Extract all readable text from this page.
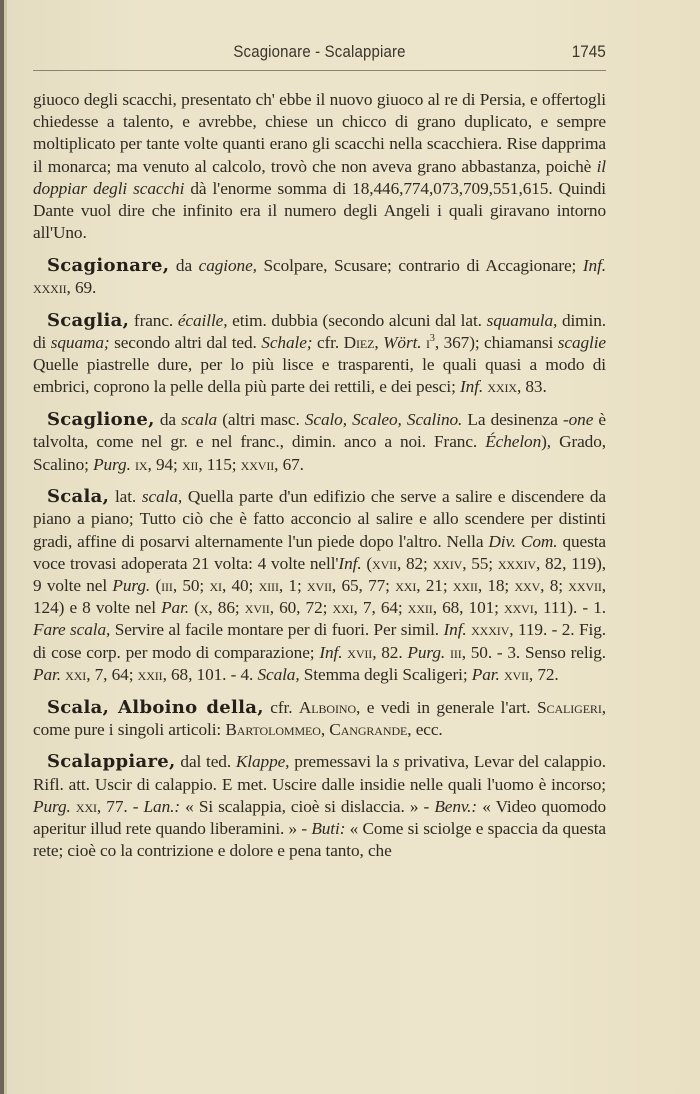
Scagionare - Scalappiare	1745

giuoco degli scacchi, presentato ch' ebbe il nuovo giuoco al re di Persia, e offertogli chiedesse a talento, e avrebbe, chiese un chicco di grano duplicato, e sempre moltiplicato per tante volte quanti erano gli scacchi nella scacchiera. Rise dapprima il monarca; ma venuto al calcolo, trovò che non aveva grano abbastanza, poichè il doppiar degli scacchi dà l'enorme somma di 18,446,774,073,709,551,615. Quindi Dante vuol dire che infinito era il numero degli Angeli i quali giravano intorno all'Uno.

Scagionare, da cagione, Scolpare, Scusare; contrario di Accagionare; Inf. xxxii, 69.

Scaglia, franc. écaille, etim. dubbia (secondo alcuni dal lat. squamula, dimin. di squama; secondo altri dal ted. Schale; cfr. Diez, Wört. $i^3$, 367); chiamansi scaglie Quelle piastrelle dure, per lo più lisce e trasparenti, le quali quasi a modo di embrici, coprono la pelle della più parte dei rettili, e dei pesci; Inf. xxix, 83.

Scaglione, da scala (altri masc. Scalo, Scaleo, Scalino. La desinenza -one è talvolta, come nel gr. e nel franc., dimin. anco a noi. Franc. Échelon), Grado, Scalino; Purg. ix, 94; xii, 115; xxvii, 67.

Scala, lat. scala, Quella parte d'un edifizio che serve a salire e discendere da piano a piano; Tutto ciò che è fatto acconcio al salire e allo scendere per distinti gradi, affine di posarvi alternamente l'un piede dopo l'altro. Nella Div. Com. questa voce trovasi adoperata 21 volta: 4 volte nell'Inf. (xvii, 82; xxiv, 55; xxxiv, 82, 119), 9 volte nel Purg. (iii, 50; xi, 40; xiii, 1; xvii, 65, 77; xxi, 21; xxii, 18; xxv, 8; xxvii, 124) e 8 volte nel Par. (x, 86; xvii, 60, 72; xxi, 7, 64; xxii, 68, 101; xxvi, 111). - 1. Fare scala, Servire al facile montare per di fuori. Per simil. Inf. xxxiv, 119. - 2. Fig. di cose corp. per modo di comparazione; Inf. xvii, 82. Purg. iii, 50. - 3. Senso relig. Par. xxi, 7, 64; xxii, 68, 101. - 4. Scala, Stemma degli Scaligeri; Par. xvii, 72.

Scala, Alboino della, cfr. Alboino, e vedi in generale l'art. Scaligeri, come pure i singoli articoli: Bartolommeo, Cangrande, ecc.

Scalappiare, dal ted. Klappe, premessavi la s privativa, Levar del calappio. Rifl. att. Uscir di calappio. E met. Uscire dalle insidie nelle quali l'uomo è incorso; Purg. xxi, 77. - Lan.: « Si scalappia, cioè si dislaccia. » - Benv.: « Video quomodo aperitur illud rete quando liberamini. » - Buti: « Come si sciolge e spaccia da questa rete; cioè co la contrizione e dolore e pena tanto, che
